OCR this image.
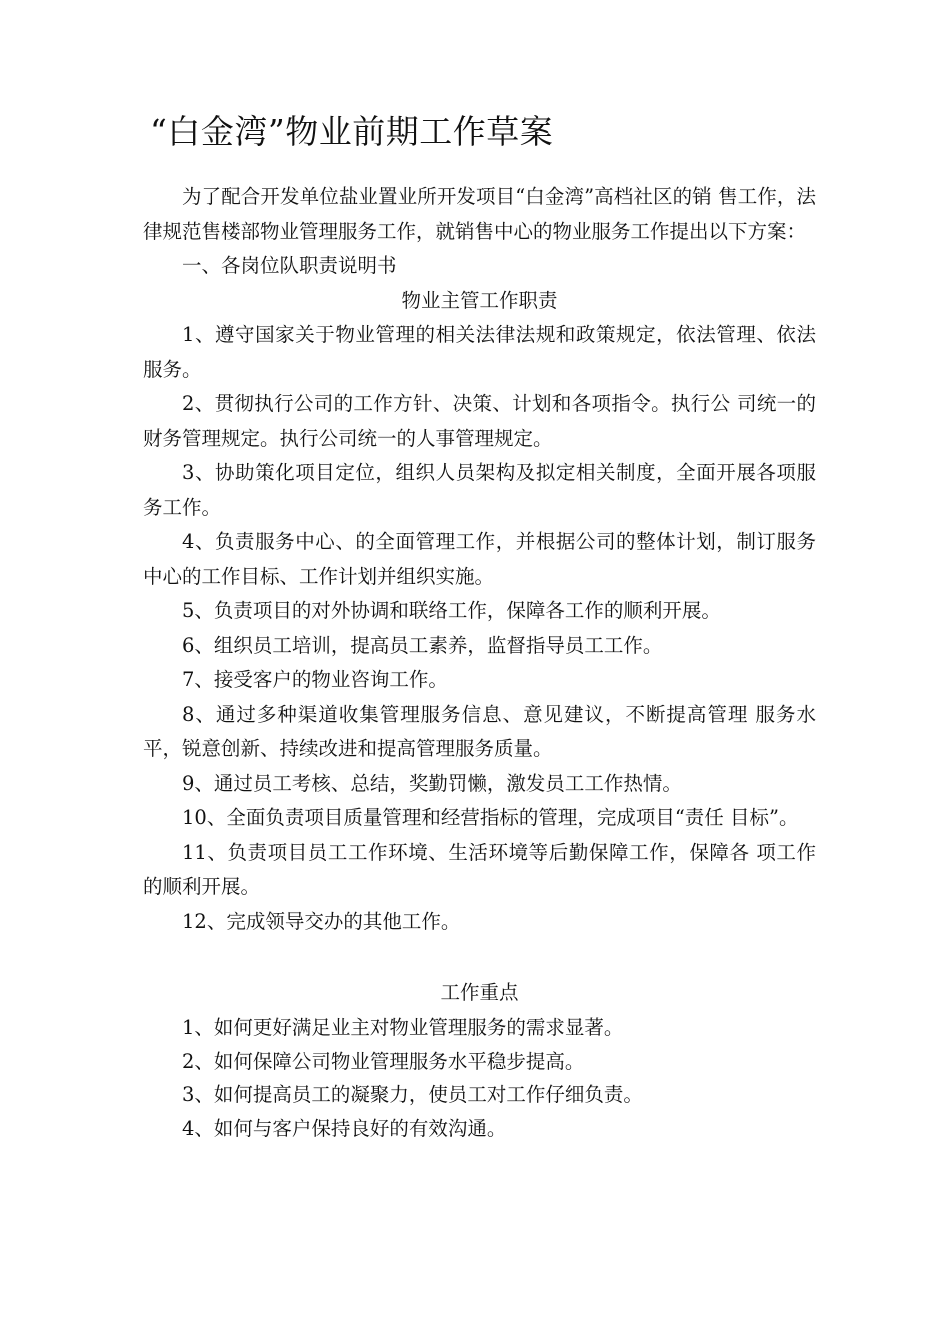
“白金湾”物业前期工作草案

为了配合开发单位盐业置业所开发项目“白金湾”高档社区的销 售工作，法律规范售楼部物业管理服务工作，就销售中心的物业服务工作提出以下方案：

一、各岗位队职责说明书

物业主管工作职责

1、遵守国家关于物业管理的相关法律法规和政策规定，依法管理、依法服务。

2、贯彻执行公司的工作方针、决策、计划和各项指令。执行公 司统一的财务管理规定。执行公司统一的人事管理规定。

3、协助策化项目定位，组织人员架构及拟定相关制度，全面开展各项服务工作。

4、负责服务中心、的全面管理工作，并根据公司的整体计划，制订服务中心的工作目标、工作计划并组织实施。

5、负责项目的对外协调和联络工作，保障各工作的顺利开展。

6、组织员工培训，提高员工素养，监督指导员工工作。

7、接受客户的物业咨询工作。

8、通过多种渠道收集管理服务信息、意见建议，不断提高管理 服务水平，锐意创新、持续改进和提高管理服务质量。

9、通过员工考核、总结，奖勤罚懒，激发员工工作热情。

10、全面负责项目质量管理和经营指标的管理，完成项目“责任 目标”。

11、负责项目员工工作环境、生活环境等后勤保障工作，保障各 项工作的顺利开展。

12、完成领导交办的其他工作。

工作重点

1、如何更好满足业主对物业管理服务的需求显著。

2、如何保障公司物业管理服务水平稳步提高。

3、如何提高员工的凝聚力，使员工对工作仔细负责。

4、如何与客户保持良好的有效沟通。
